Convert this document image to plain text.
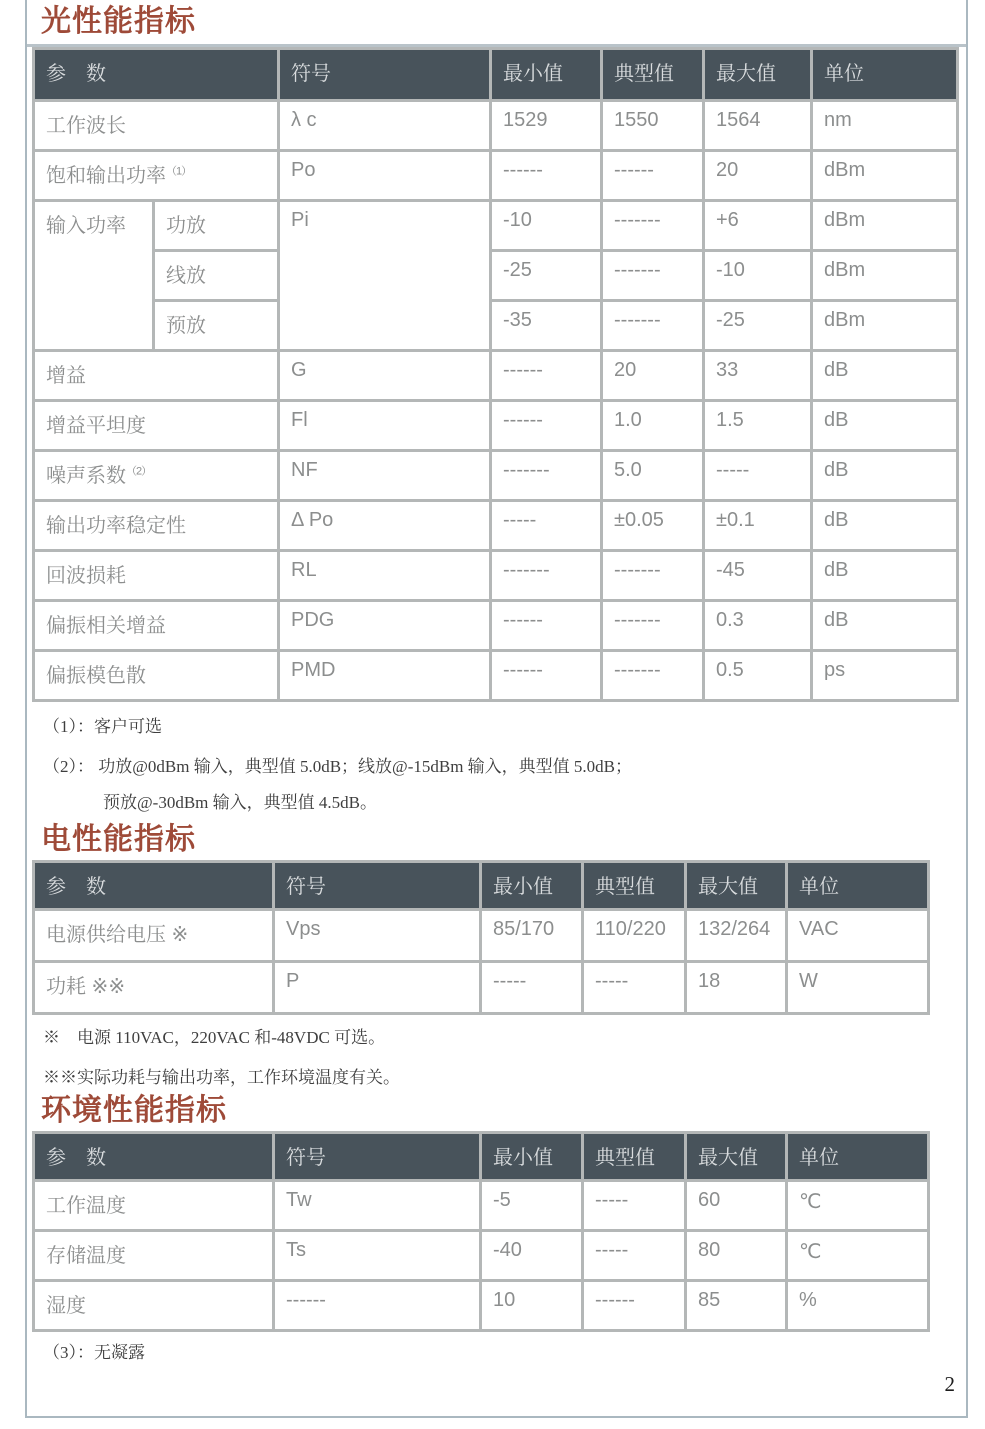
光性能指标
参　数		符号	最小值	典型值	最大值	单位
工作波长		λ c	1529	1550	1564	nm
饱和输出功率$^{(1)}$		Po	------	------	20	dBm
输入功率	功放	Pi	-10	-------	+6	dBm
	线放		-25	-------	-10	dBm
	预放		-35	-------	-25	dBm
增益		G	------	20	33	dB
增益平坦度		Fl	------	1.0	1.5	dB
噪声系数$^{(2)}$		NF	-------	5.0	-----	dB
输出功率稳定性		Δ Po	-----	±0.05	±0.1	dB
回波损耗		RL	-------	-------	-45	dB
偏振相关增益		PDG	------	-------	0.3	dB
偏振模色散		PMD	------	-------	0.5	ps
（1）：客户可选
（2）： 功放@0dBm 输入，典型值 5.0dB；线放@-15dBm 输入，典型值 5.0dB；
预放@-30dBm 输入，典型值 4.5dB。
电性能指标
参　数	符号	最小值	典型值	最大值	单位
电源供给电压 ※	Vps	85/170	110/220	132/264	VAC
功耗 ※※	P	-----	-----	18	W
※　电源 110VAC，220VAC 和-48VDC 可选。
※※实际功耗与输出功率，工作环境温度有关。
环境性能指标
参　数	符号	最小值	典型值	最大值	单位
工作温度	Tw	-5	-----	60	℃
存储温度	Ts	-40	-----	80	℃
湿度	------	10	------	85	%
（3）：无凝露
2
